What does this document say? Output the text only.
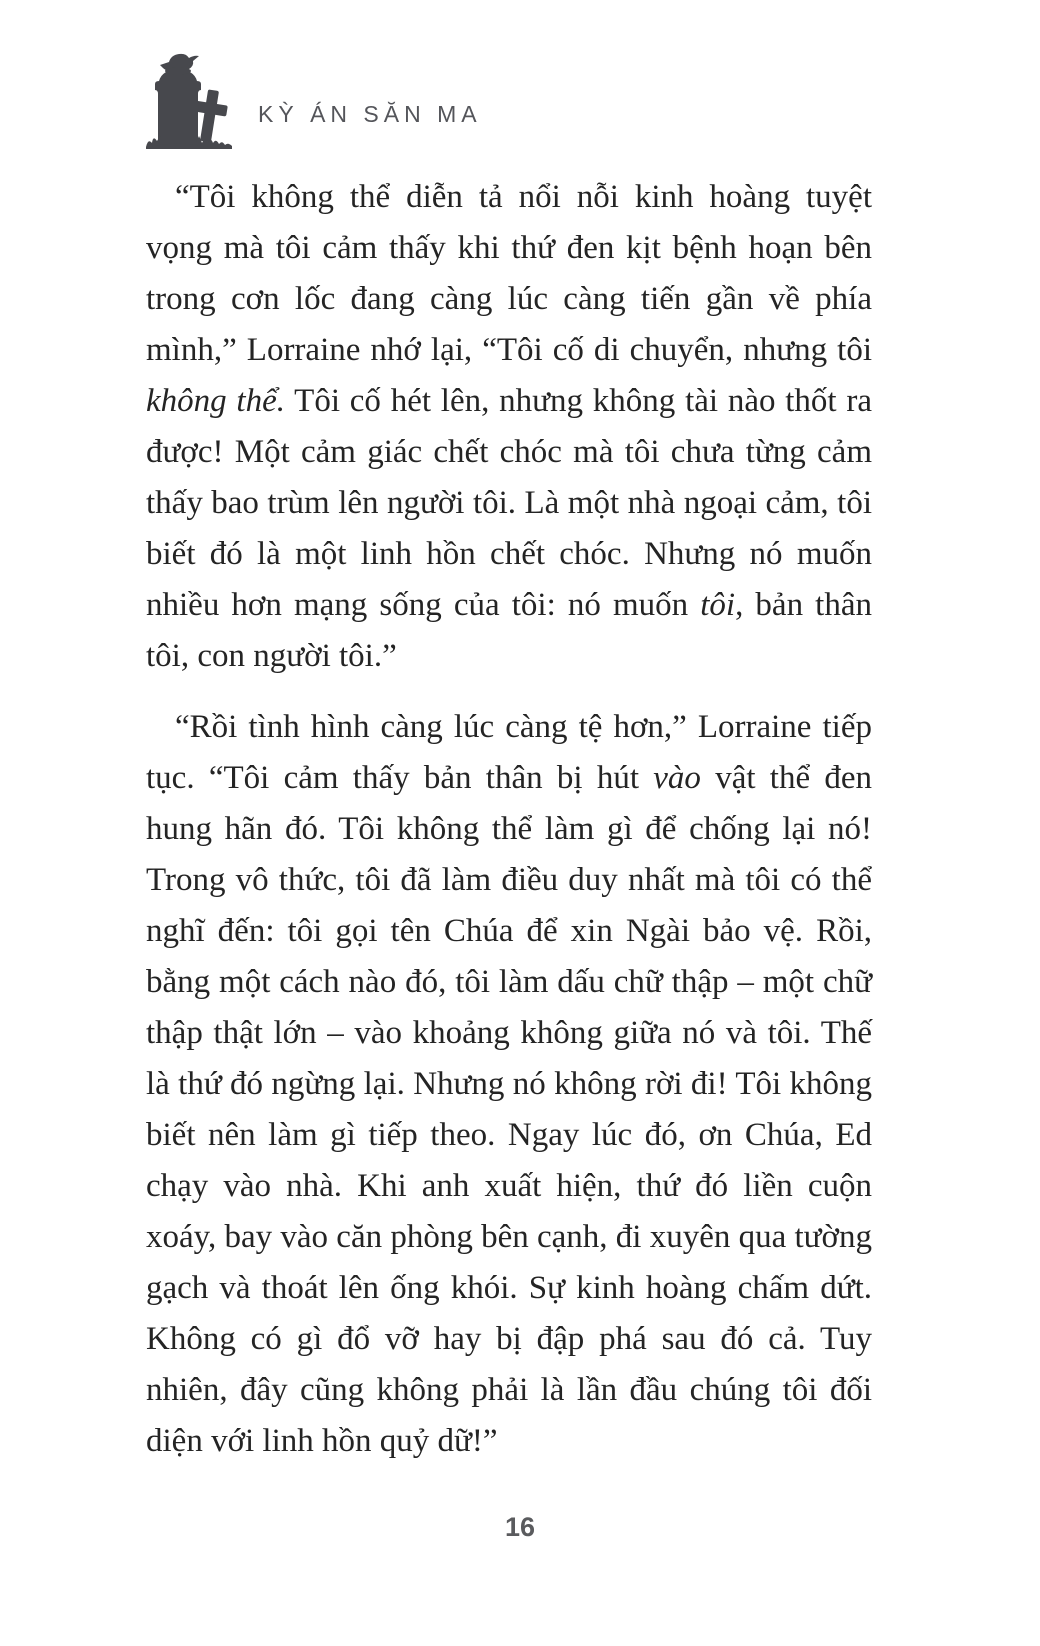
KỲ ÁN SĂN MA

“Tôi không thể diễn tả nổi nỗi kinh hoàng tuyệt vọng mà tôi cảm thấy khi thứ đen kịt bệnh hoạn bên trong cơn lốc đang càng lúc càng tiến gần về phía mình,” Lorraine nhớ lại, “Tôi cố di chuyển, nhưng tôi không thể. Tôi cố hét lên, nhưng không tài nào thốt ra được! Một cảm giác chết chóc mà tôi chưa từng cảm thấy bao trùm lên người tôi. Là một nhà ngoại cảm, tôi biết đó là một linh hồn chết chóc. Nhưng nó muốn nhiều hơn mạng sống của tôi: nó muốn tôi, bản thân tôi, con người tôi.”

“Rồi tình hình càng lúc càng tệ hơn,” Lorraine tiếp tục. “Tôi cảm thấy bản thân bị hút vào vật thể đen hung hãn đó. Tôi không thể làm gì để chống lại nó! Trong vô thức, tôi đã làm điều duy nhất mà tôi có thể nghĩ đến: tôi gọi tên Chúa để xin Ngài bảo vệ. Rồi, bằng một cách nào đó, tôi làm dấu chữ thập – một chữ thập thật lớn – vào khoảng không giữa nó và tôi. Thế là thứ đó ngừng lại. Nhưng nó không rời đi! Tôi không biết nên làm gì tiếp theo. Ngay lúc đó, ơn Chúa, Ed chạy vào nhà. Khi anh xuất hiện, thứ đó liền cuộn xoáy, bay vào căn phòng bên cạnh, đi xuyên qua tường gạch và thoát lên ống khói. Sự kinh hoàng chấm dứt. Không có gì đổ vỡ hay bị đập phá sau đó cả. Tuy nhiên, đây cũng không phải là lần đầu chúng tôi đối diện với linh hồn quỷ dữ!”

16
